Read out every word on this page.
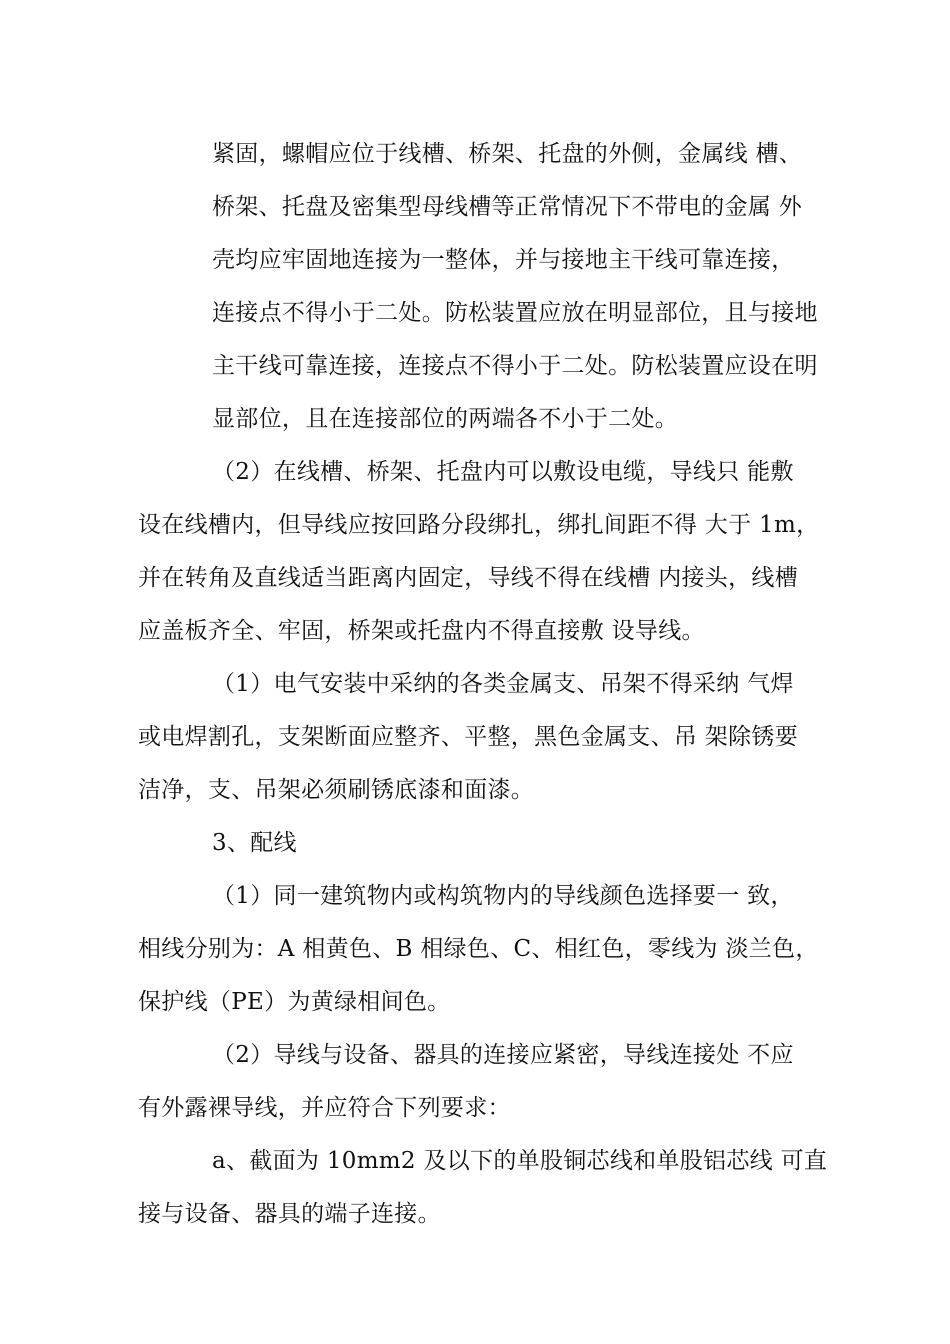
紧固，螺帽应位于线槽、桥架、托盘的外侧，金属线 槽、
桥架、托盘及密集型母线槽等正常情况下不带电的金属 外
壳均应牢固地连接为一整体，并与接地主干线可靠连接，
连接点不得小于二处。防松装置应放在明显部位，且与接地
主干线可靠连接，连接点不得小于二处。防松装置应设在明
显部位，且在连接部位的两端各不小于二处。
（2）在线槽、桥架、托盘内可以敷设电缆，导线只 能敷
设在线槽内，但导线应按回路分段绑扎，绑扎间距不得 大于 1m，
并在转角及直线适当距离内固定，导线不得在线槽 内接头，线槽
应盖板齐全、牢固，桥架或托盘内不得直接敷 设导线。
（1）电气安装中采纳的各类金属支、吊架不得采纳 气焊
或电焊割孔，支架断面应整齐、平整，黑色金属支、吊 架除锈要
洁净，支、吊架必须刷锈底漆和面漆。
3、配线
（1）同一建筑物内或构筑物内的导线颜色选择要一 致，
相线分别为：A 相黄色、B 相绿色、C、相红色，零线为 淡兰色，
保护线（PE）为黄绿相间色。
（2）导线与设备、器具的连接应紧密，导线连接处 不应
有外露裸导线，并应符合下列要求：
a、截面为 10mm2 及以下的单股铜芯线和单股铝芯线 可直
接与设备、器具的端子连接。
